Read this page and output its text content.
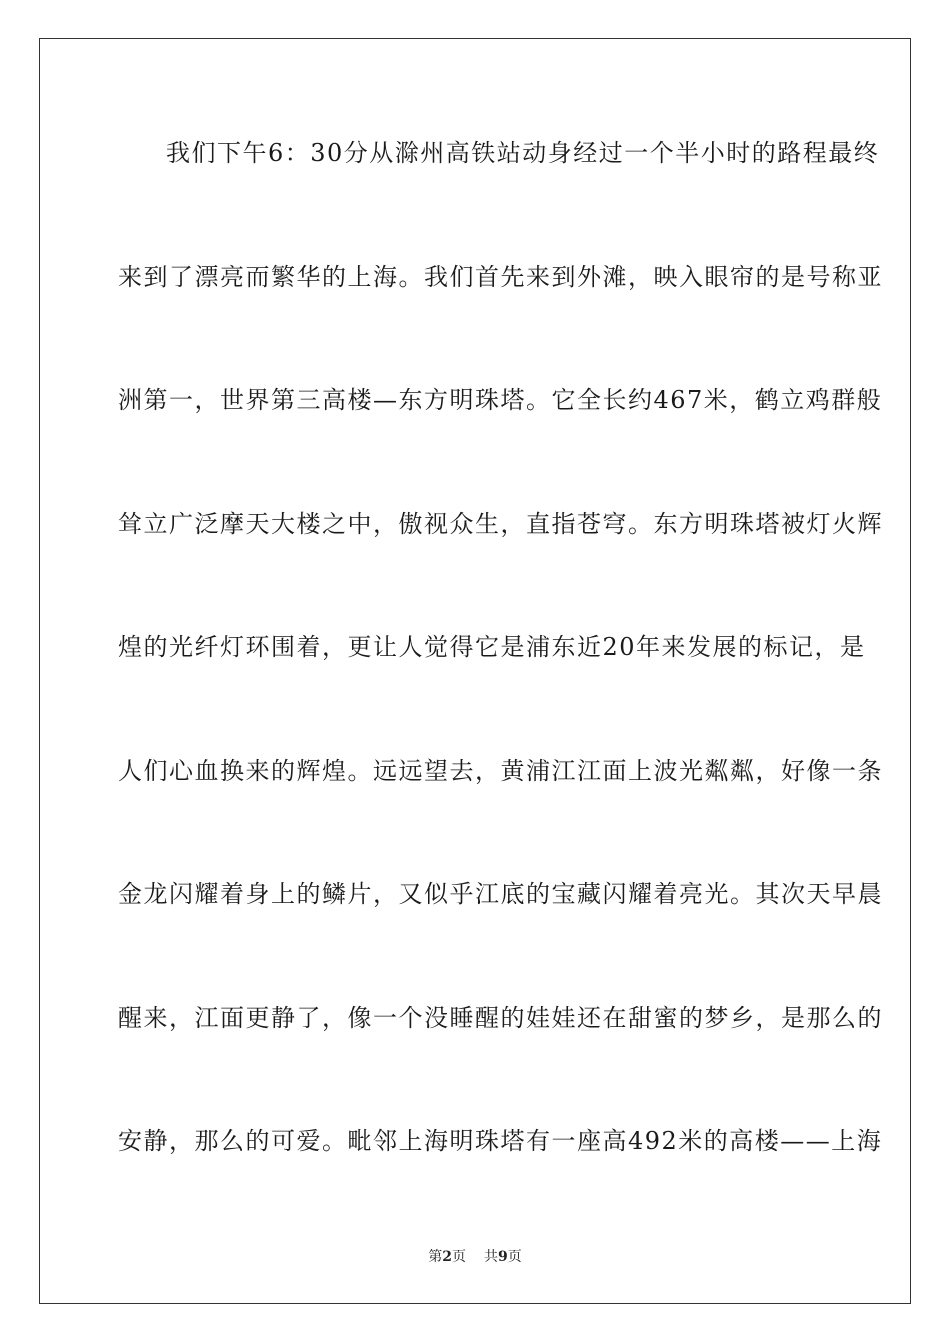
我们下午6：30分从滁州高铁站动身经过一个半小时的路程最终
来到了漂亮而繁华的上海。我们首先来到外滩，映入眼帘的是号称亚
洲第一，世界第三高楼—东方明珠塔。它全长约467米，鹤立鸡群般
耸立广泛摩天大楼之中，傲视众生，直指苍穹。东方明珠塔被灯火辉
煌的光纤灯环围着，更让人觉得它是浦东近20年来发展的标记，是
人们心血换来的辉煌。远远望去，黄浦江江面上波光粼粼，好像一条
金龙闪耀着身上的鳞片，又似乎江底的宝藏闪耀着亮光。其次天早晨
醒来，江面更静了，像一个没睡醒的娃娃还在甜蜜的梦乡，是那么的
安静，那么的可爱。毗邻上海明珠塔有一座高492米的高楼——上海
第2页 共9页
